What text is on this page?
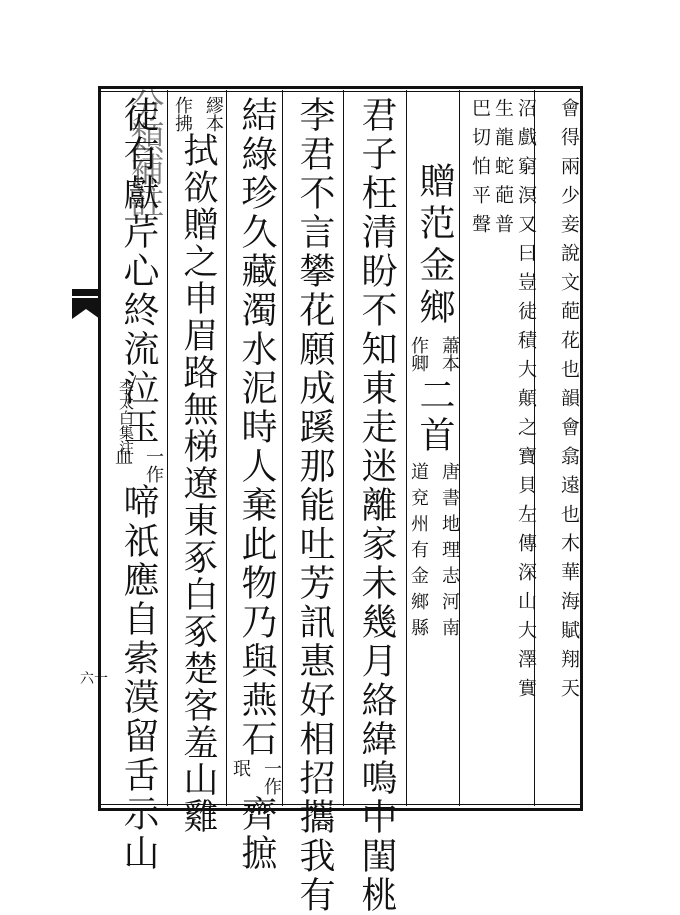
分類補註
李太白集注
六一	會得兩少妾說文葩花也韻會翕遠也木華海賦翔天
沼戲窮溟又曰豈徒積大顛之寶貝左傳深山大澤實
生龍蛇葩普
巴切怕平聲
贈范金鄉
蕭本
作卿
二首
唐書地理志河南
道兗州有金鄉縣
君子枉清盼不知東走迷離家未幾月絡緯鳴中閨桃
李君不言攀花願成蹊那能吐芳訊惠好相招攜我有
結綠珍久藏濁水泥時人棄此物乃與燕石
一作
珉
齊摭
繆本
作拂
拭欲贈之申眉路無梯遼東豖白豖楚客羞山雞
徒有獻芹心終流泣玉
一作
血
啼祇應自索漠留舌示山
